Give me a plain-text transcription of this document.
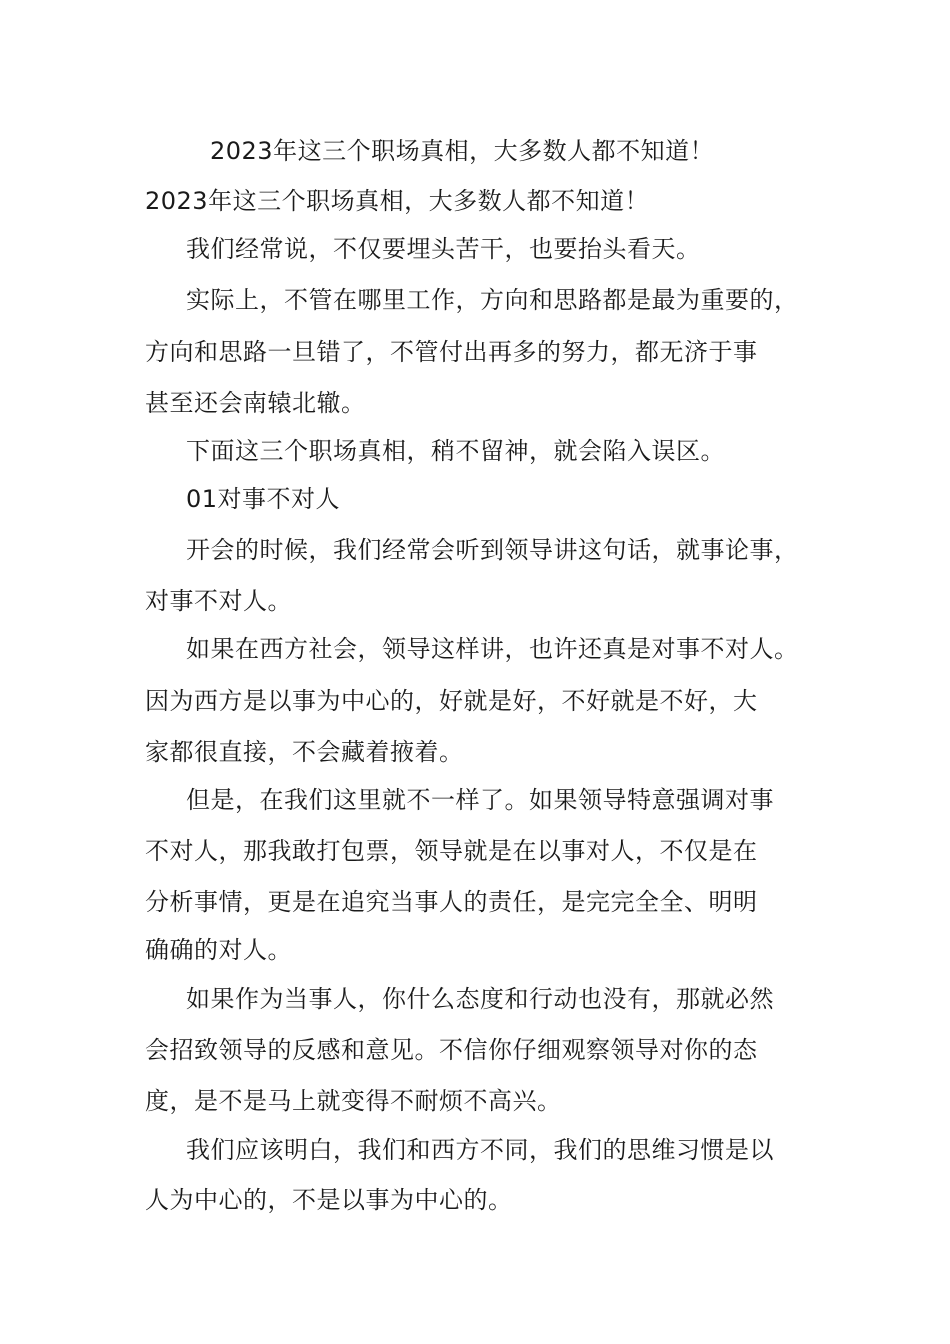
2023年这三个职场真相，大多数人都不知道！
2023年这三个职场真相，大多数人都不知道！
我们经常说，不仅要埋头苦干，也要抬头看天。
实际上，不管在哪里工作，方向和思路都是最为重要的，
方向和思路一旦错了，不管付出再多的努力，都无济于事
甚至还会南辕北辙。
下面这三个职场真相，稍不留神，就会陷入误区。
01对事不对人
开会的时候，我们经常会听到领导讲这句话，就事论事，
对事不对人。
如果在西方社会，领导这样讲，也许还真是对事不对人。
因为西方是以事为中心的，好就是好，不好就是不好，大
家都很直接，不会藏着掖着。
但是，在我们这里就不一样了。如果领导特意强调对事
不对人，那我敢打包票，领导就是在以事对人，不仅是在
分析事情，更是在追究当事人的责任，是完完全全、明明
确确的对人。
如果作为当事人，你什么态度和行动也没有，那就必然
会招致领导的反感和意见。不信你仔细观察领导对你的态
度，是不是马上就变得不耐烦不高兴。
我们应该明白，我们和西方不同，我们的思维习惯是以
人为中心的，不是以事为中心的。
